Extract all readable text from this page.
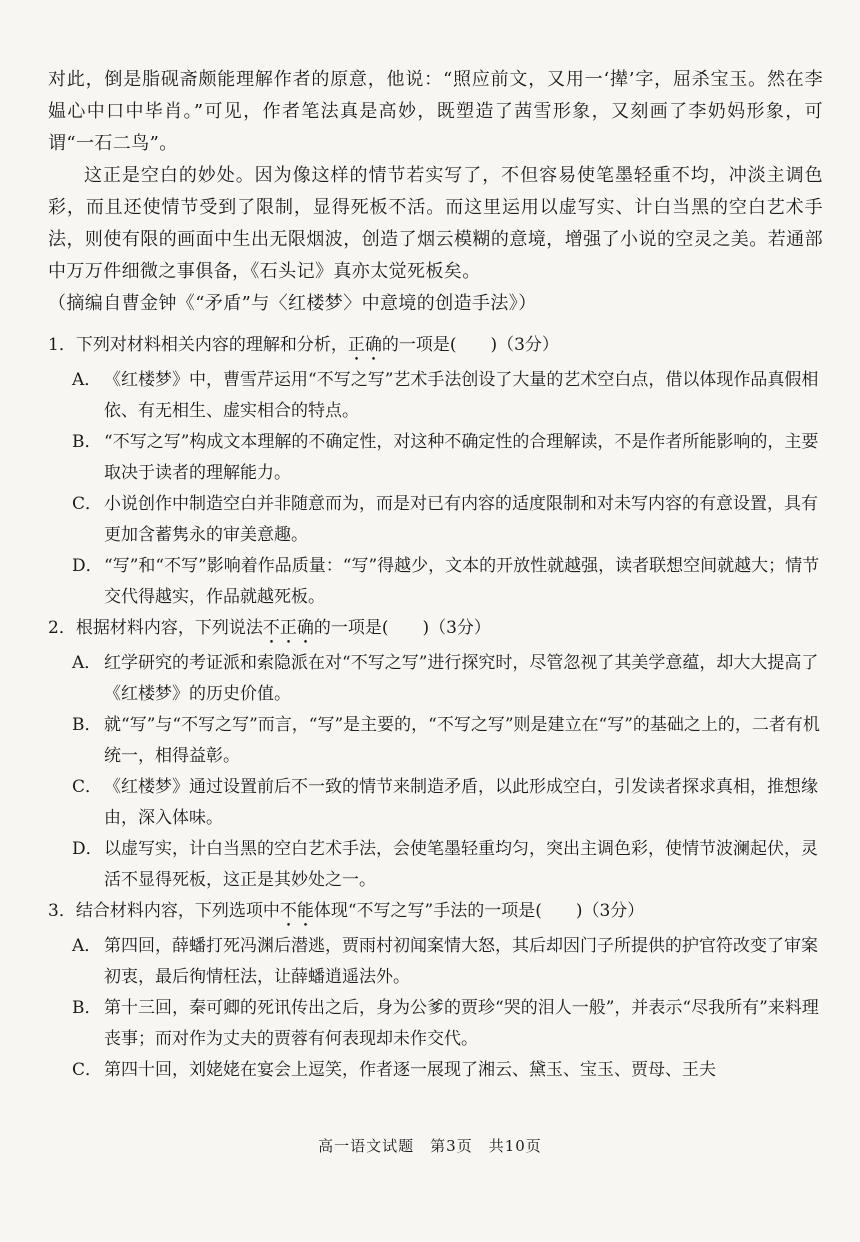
对此，倒是脂砚斋颇能理解作者的原意，他说：“照应前文，又用一‘撵’字，屈杀宝玉。然在李媪心中口中毕肖。”可见，作者笔法真是高妙，既塑造了茜雪形象，又刻画了李奶妈形象，可谓“一石二鸟”。

这正是空白的妙处。因为像这样的情节若实写了，不但容易使笔墨轻重不均，冲淡主调色彩，而且还使情节受到了限制，显得死板不活。而这里运用以虚写实、计白当黑的空白艺术手法，则使有限的画面中生出无限烟波，创造了烟云模糊的意境，增强了小说的空灵之美。若通部中万万件细微之事俱备，《石头记》真亦太觉死板矣。

（摘编自曹金钟《“矛盾”与〈红楼梦〉中意境的创造手法》）

1．下列对材料相关内容的理解和分析，正确的一项是(　　)（3分）

A． 《红楼梦》中，曹雪芹运用“不写之写”艺术手法创设了大量的艺术空白点，借以体现作品真假相依、有无相生、虚实相合的特点。

B． “不写之写”构成文本理解的不确定性，对这种不确定性的合理解读，不是作者所能影响的，主要取决于读者的理解能力。

C． 小说创作中制造空白并非随意而为，而是对已有内容的适度限制和对未写内容的有意设置，具有更加含蓄隽永的审美意趣。

D．“写”和“不写”影响着作品质量：“写”得越少，文本的开放性就越强，读者联想空间就越大；情节交代得越实，作品就越死板。

2．根据材料内容，下列说法不正确的一项是(　　)（3分）

A． 红学研究的考证派和索隐派在对“不写之写”进行探究时，尽管忽视了其美学意蕴，却大大提高了《红楼梦》的历史价值。

B． 就“写”与“不写之写”而言，“写”是主要的，“不写之写”则是建立在“写”的基础之上的，二者有机统一，相得益彰。

C． 《红楼梦》通过设置前后不一致的情节来制造矛盾，以此形成空白，引发读者探求真相，推想缘由，深入体味。

D．以虚写实，计白当黑的空白艺术手法，会使笔墨轻重均匀，突出主调色彩，使情节波澜起伏，灵活不显得死板，这正是其妙处之一。

3．结合材料内容，下列选项中不能体现“不写之写”手法的一项是(　　)（3分）

A． 第四回，薛蟠打死冯渊后潜逃，贾雨村初闻案情大怒，其后却因门子所提供的护官符改变了审案初衷，最后徇情枉法，让薛蟠逍遥法外。

B． 第十三回，秦可卿的死讯传出之后，身为公爹的贾珍“哭的泪人一般”，并表示“尽我所有”来料理丧事；而对作为丈夫的贾蓉有何表现却未作交代。

C． 第四十回，刘姥姥在宴会上逗笑，作者逐一展现了湘云、黛玉、宝玉、贾母、王夫

高一语文试题　第3页　共10页
